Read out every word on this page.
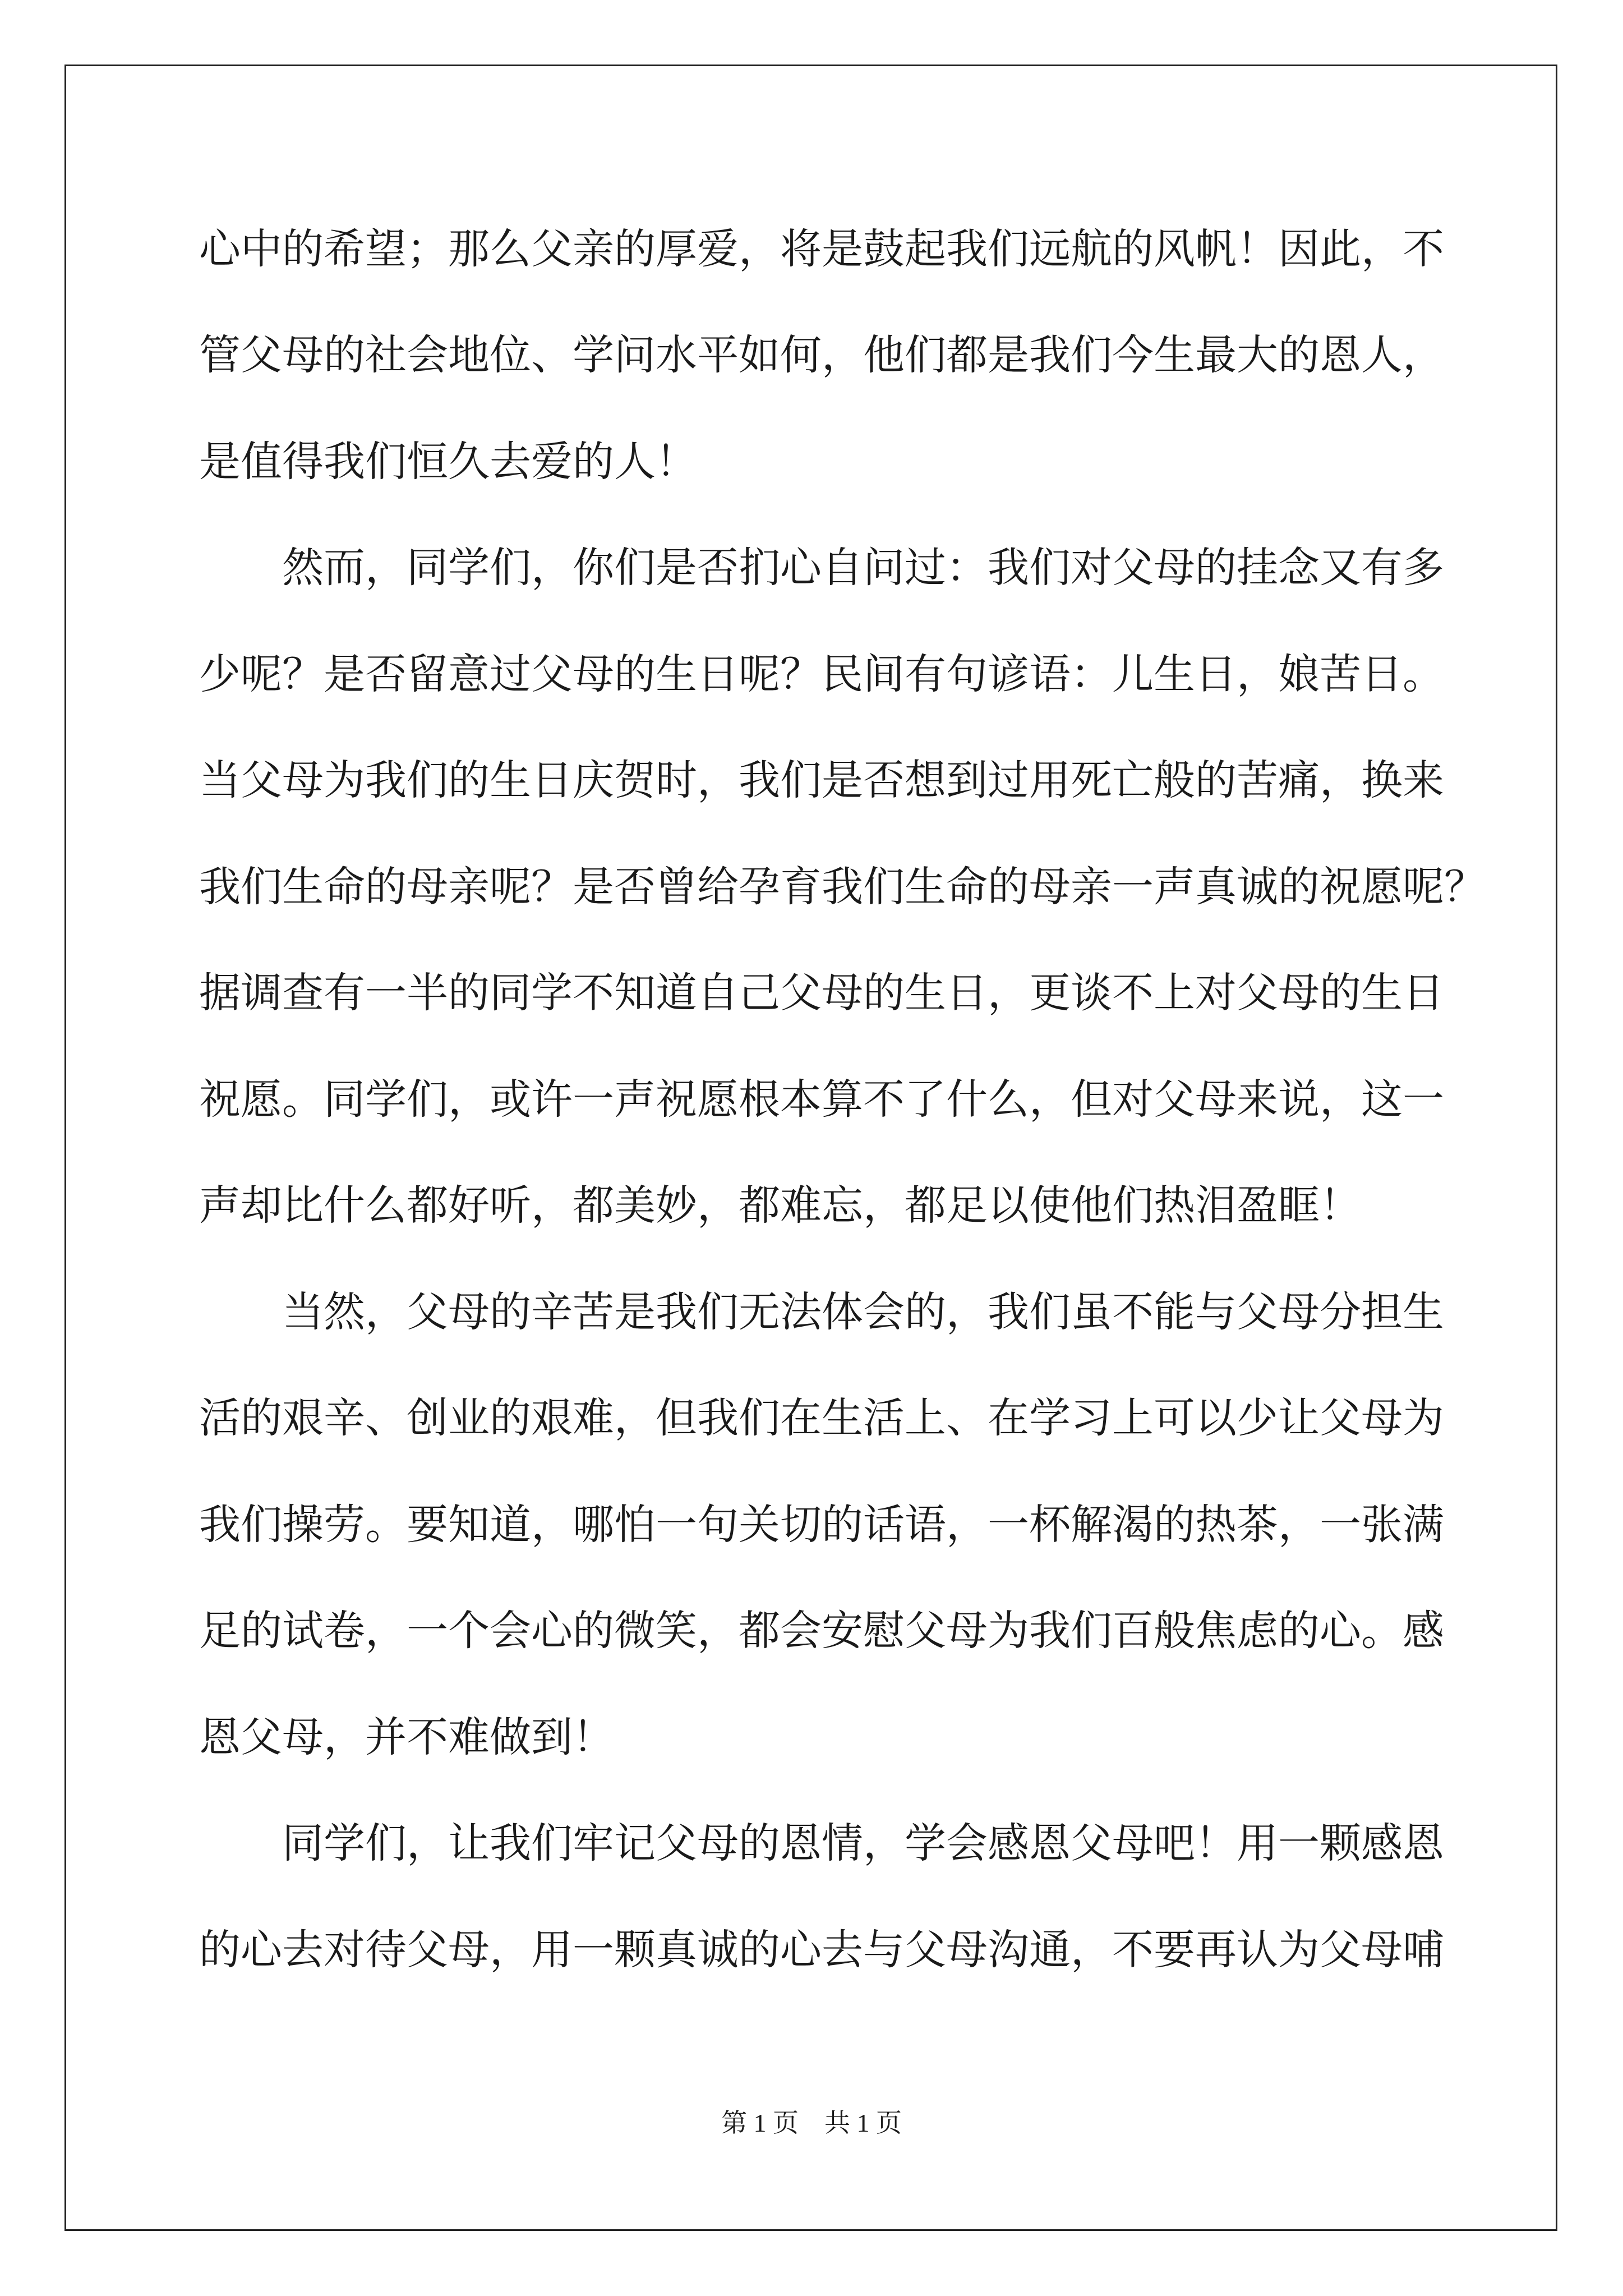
心中的希望；那么父亲的厚爱，将是鼓起我们远航的风帆！因此，不
管父母的社会地位、学问水平如何，他们都是我们今生最大的恩人，
是值得我们恒久去爱的人！
　　然而，同学们，你们是否扪心自问过：我们对父母的挂念又有多
少呢？是否留意过父母的生日呢？民间有句谚语：儿生日，娘苦日。
当父母为我们的生日庆贺时，我们是否想到过用死亡般的苦痛，换来
我们生命的母亲呢？是否曾给孕育我们生命的母亲一声真诚的祝愿呢？
据调查有一半的同学不知道自己父母的生日，更谈不上对父母的生日
祝愿。同学们，或许一声祝愿根本算不了什么，但对父母来说，这一
声却比什么都好听，都美妙，都难忘，都足以使他们热泪盈眶！
　　当然，父母的辛苦是我们无法体会的，我们虽不能与父母分担生
活的艰辛、创业的艰难，但我们在生活上、在学习上可以少让父母为
我们操劳。要知道，哪怕一句关切的话语，一杯解渴的热茶，一张满
足的试卷，一个会心的微笑，都会安慰父母为我们百般焦虑的心。感
恩父母，并不难做到！
　　同学们，让我们牢记父母的恩情，学会感恩父母吧！用一颗感恩
的心去对待父母，用一颗真诚的心去与父母沟通，不要再认为父母哺
第 1 页　共 1 页
